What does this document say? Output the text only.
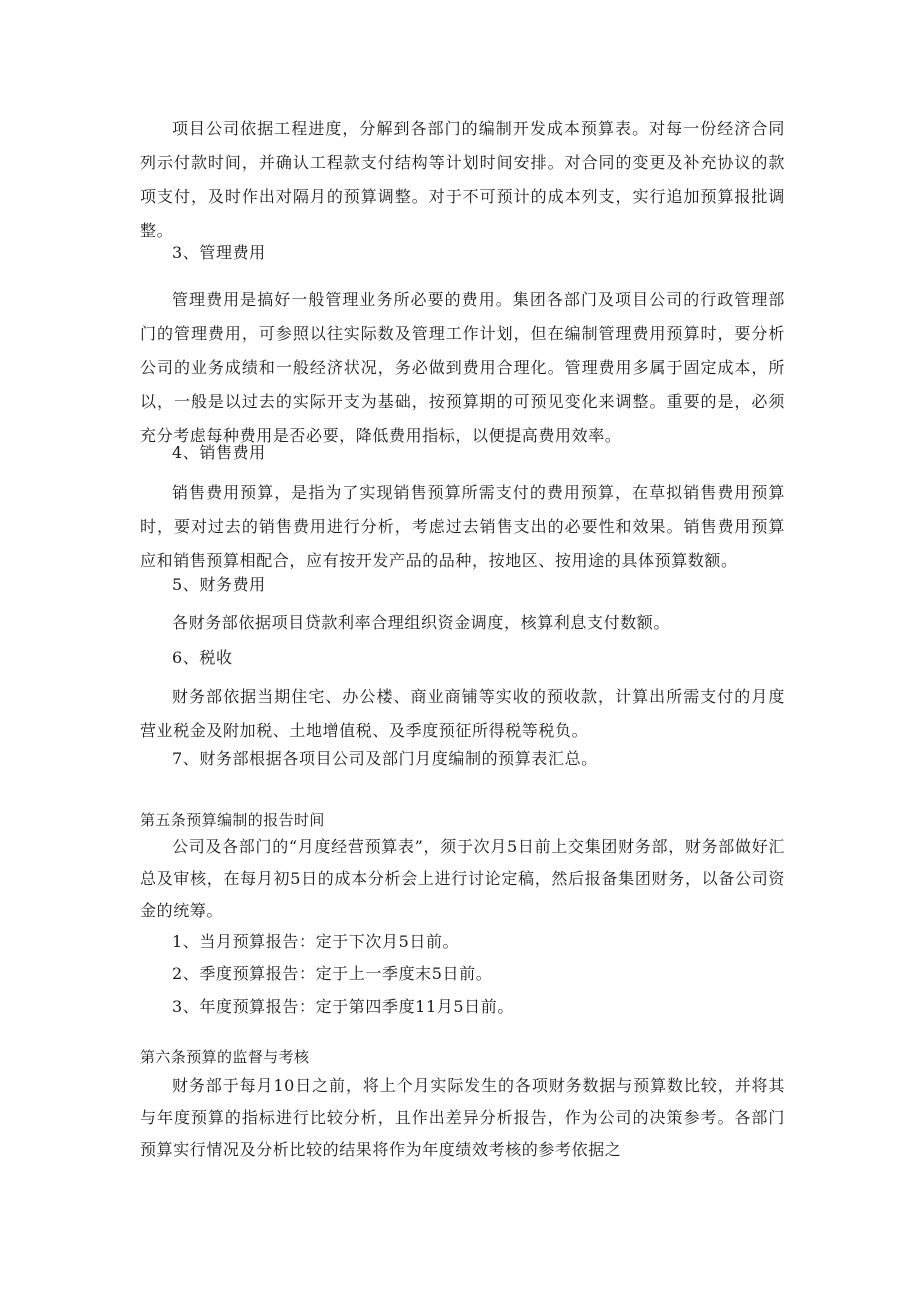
项目公司依据工程进度，分解到各部门的编制开发成本预算表。对每一份经济合同列示付款时间，并确认工程款支付结构等计划时间安排。对合同的变更及补充协议的款项支付，及时作出对隔月的预算调整。对于不可预计的成本列支，实行追加预算报批调整。

3、管理费用

管理费用是搞好一般管理业务所必要的费用。集团各部门及项目公司的行政管理部门的管理费用，可参照以往实际数及管理工作计划，但在编制管理费用预算时，要分析公司的业务成绩和一般经济状况，务必做到费用合理化。管理费用多属于固定成本，所以，一般是以过去的实际开支为基础，按预算期的可预见变化来调整。重要的是，必须充分考虑每种费用是否必要，降低费用指标，以便提高费用效率。

4、销售费用

销售费用预算，是指为了实现销售预算所需支付的费用预算，在草拟销售费用预算时，要对过去的销售费用进行分析，考虑过去销售支出的必要性和效果。销售费用预算应和销售预算相配合，应有按开发产品的品种，按地区、按用途的具体预算数额。

5、财务费用

各财务部依据项目贷款利率合理组织资金调度，核算利息支付数额。

6、税收

财务部依据当期住宅、办公楼、商业商铺等实收的预收款，计算出所需支付的月度营业税金及附加税、土地增值税、及季度预征所得税等税负。

7、财务部根据各项目公司及部门月度编制的预算表汇总。

第五条预算编制的报告时间

公司及各部门的“月度经营预算表”，须于次月5日前上交集团财务部，财务部做好汇总及审核，在每月初5日的成本分析会上进行讨论定稿，然后报备集团财务，以备公司资金的统筹。

1、当月预算报告：定于下次月5日前。

2、季度预算报告：定于上一季度末5日前。

3、年度预算报告：定于第四季度11月5日前。

第六条预算的监督与考核

财务部于每月10日之前，将上个月实际发生的各项财务数据与预算数比较，并将其与年度预算的指标进行比较分析，且作出差异分析报告，作为公司的决策参考。各部门预算实行情况及分析比较的结果将作为年度绩效考核的参考依据之
